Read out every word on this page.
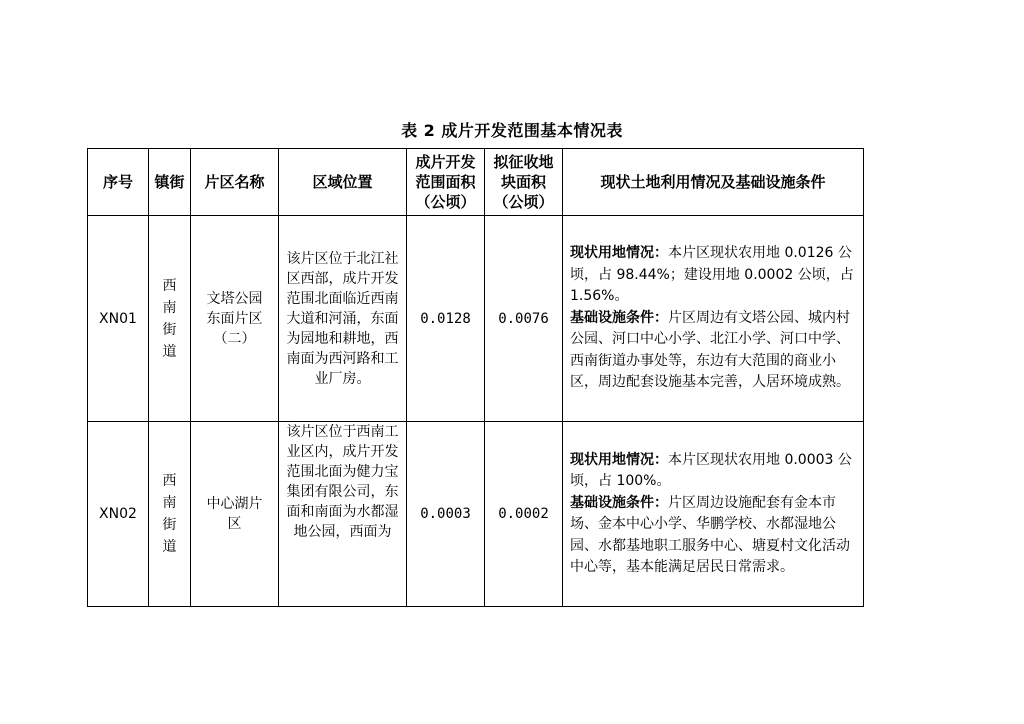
表 2 成片开发范围基本情况表
序号	镇街	片区名称	区域位置	成片开发范围面积（公顷）	拟征收地块面积（公顷）	现状土地利用情况及基础设施条件
XN01	西南街道	文塔公园东面片区（二）	该片区位于北江社区西部，成片开发范围北面临近西南大道和河涌，东面为园地和耕地，西南面为西河路和工业厂房。	0.0128	0.0076	现状用地情况：本片区现状农用地 0.0126 公顷，占 98.44%；建设用地 0.0002 公顷，占 1.56%。
基础设施条件：片区周边有文塔公园、城内村公园、河口中心小学、北江小学、河口中学、西南街道办事处等，东边有大范围的商业小区，周边配套设施基本完善，人居环境成熟。
XN02	西南街道	中心湖片区	该片区位于西南工业区内，成片开发范围北面为健力宝集团有限公司，东面和南面为水都湿地公园，西面为	0.0003	0.0002	现状用地情况：本片区现状农用地 0.0003 公顷，占 100%。
基础设施条件：片区周边设施配套有金本市场、金本中心小学、华鹏学校、水都湿地公园、水都基地职工服务中心、塘夏村文化活动中心等，基本能满足居民日常需求。
